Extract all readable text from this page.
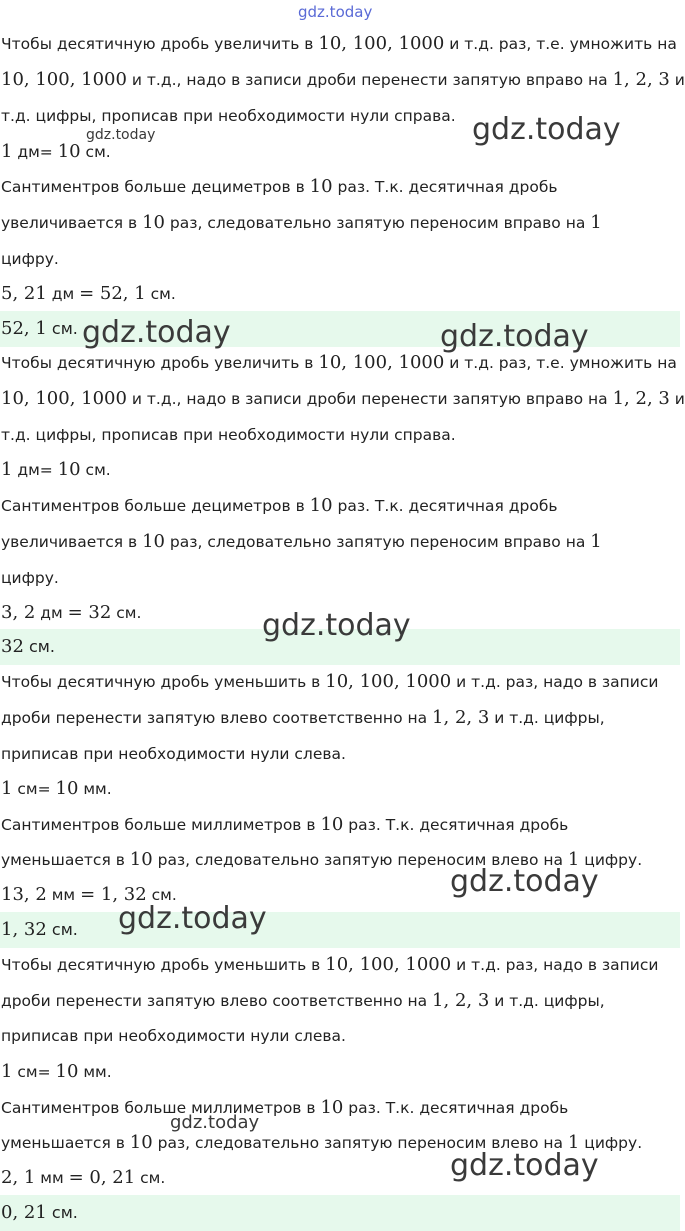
gdz.today
Чтобы десятичную дробь увеличить в 10, 100, 1000 и т.д. раз, т.е. умножить на
10, 100, 1000 и т.д., надо в записи дроби перенести запятую вправо на 1, 2, 3 и
т.д. цифры, прописав при необходимости нули справа.
1 дм= 10 см.
Сантиментров больше дециметров в 10 раз. Т.к. десятичная дробь
увеличивается в 10 раз, следовательно запятую переносим вправо на 1
цифру.
5, 21 дм = 52, 1 см.
52, 1 см.
Чтобы десятичную дробь увеличить в 10, 100, 1000 и т.д. раз, т.е. умножить на
10, 100, 1000 и т.д., надо в записи дроби перенести запятую вправо на 1, 2, 3 и
т.д. цифры, прописав при необходимости нули справа.
1 дм= 10 см.
Сантиментров больше дециметров в 10 раз. Т.к. десятичная дробь
увеличивается в 10 раз, следовательно запятую переносим вправо на 1
цифру.
3, 2 дм = 32 см.
32 см.
Чтобы десятичную дробь уменьшить в 10, 100, 1000 и т.д. раз, надо в записи
дроби перенести запятую влево соответственно на 1, 2, 3 и т.д. цифры,
приписав при необходимости нули слева.
1 см= 10 мм.
Сантиментров больше миллиметров в 10 раз. Т.к. десятичная дробь
уменьшается в 10 раз, следовательно запятую переносим влево на 1 цифру.
13, 2 мм = 1, 32 см.
1, 32 см.
Чтобы десятичную дробь уменьшить в 10, 100, 1000 и т.д. раз, надо в записи
дроби перенести запятую влево соответственно на 1, 2, 3 и т.д. цифры,
приписав при необходимости нули слева.
1 см= 10 мм.
Сантиментров больше миллиметров в 10 раз. Т.к. десятичная дробь
уменьшается в 10 раз, следовательно запятую переносим влево на 1 цифру.
2, 1 мм = 0, 21 см.
0, 21 см.
gdz.today
gdz.today
gdz.today	gdz.today
gdz.today
gdz.today
gdz.today
gdz.today
gdz.today
